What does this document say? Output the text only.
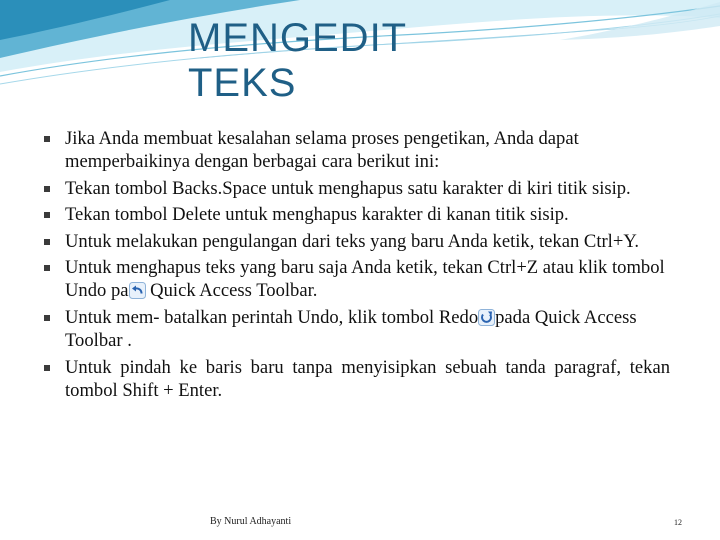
MENGEDIT
TEKS
Jika Anda membuat kesalahan selama proses pengetikan, Anda dapat memperbaikinya dengan berbagai cara berikut ini:
Tekan tombol Backs.Space untuk menghapus satu karakter di kiri titik sisip.
Tekan tombol Delete untuk menghapus karakter di kanan titik sisip.
Untuk melakukan pengulangan dari teks yang baru Anda ketik, tekan Ctrl+Y.
Untuk menghapus teks yang baru saja Anda ketik, tekan Ctrl+Z atau klik tombol Undo pa
Quick Access Toolbar.
Untuk mem- batalkan perintah Undo, klik tombol Redo pada Quick Access Toolbar .
Untuk pindah ke baris baru tanpa menyisipkan sebuah tanda paragraf, tekan tombol Shift + Enter.
By Nurul Adhayanti	12
